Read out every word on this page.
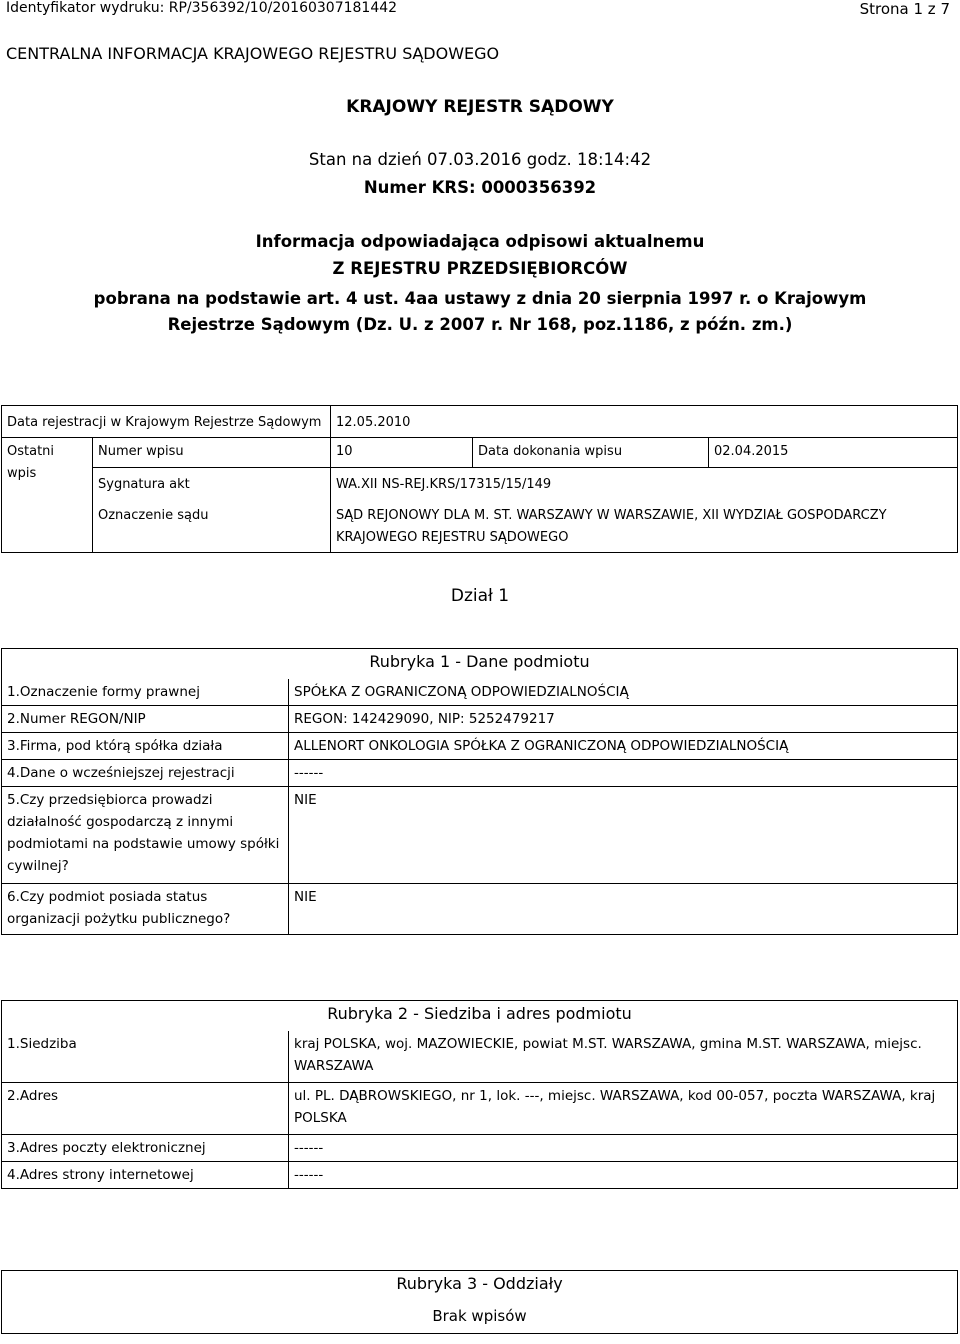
Identyfikator wydruku: RP/356392/10/20160307181442	Strona 1 z 7
CENTRALNA INFORMACJA KRAJOWEGO REJESTRU SĄDOWEGO
KRAJOWY REJESTR SĄDOWY
Stan na dzień 07.03.2016 godz. 18:14:42
Numer KRS: 0000356392
Informacja odpowiadająca odpisowi aktualnemu
Z REJESTRU PRZEDSIĘBIORCÓW
pobrana na podstawie art. 4 ust. 4aa ustawy z dnia 20 sierpnia 1997 r. o Krajowym Rejestrze Sądowym (Dz. U. z 2007 r. Nr 168, poz.1186, z późn. zm.)
Data rejestracji w Krajowym Rejestrze Sądowym		12.05.2010		
Ostatni wpis	Numer wpisu	10	Data dokonania wpisu	02.04.2015
	Sygnatura akt	WA.XII NS-REJ.KRS/17315/15/149		
	Oznaczenie sądu	SĄD REJONOWY DLA M. ST. WARSZAWY W WARSZAWIE, XII WYDZIAŁ GOSPODARCZY KRAJOWEGO REJESTRU SĄDOWEGO		
Dział 1
Rubryka 1 - Dane podmiotu	
1.Oznaczenie formy prawnej	SPÓŁKA Z OGRANICZONĄ ODPOWIEDZIALNOŚCIĄ
2.Numer REGON/NIP	REGON: 142429090, NIP: 5252479217
3.Firma, pod którą spółka działa	ALLENORT ONKOLOGIA SPÓŁKA Z OGRANICZONĄ ODPOWIEDZIALNOŚCIĄ
4.Dane o wcześniejszej rejestracji	------
5.Czy przedsiębiorca prowadzi działalność gospodarczą z innymi podmiotami na podstawie umowy spółki cywilnej?	NIE
6.Czy podmiot posiada status organizacji pożytku publicznego?	NIE
Rubryka 2 - Siedziba i adres podmiotu	
1.Siedziba	kraj POLSKA, woj. MAZOWIECKIE, powiat M.ST. WARSZAWA, gmina M.ST. WARSZAWA, miejsc. WARSZAWA
2.Adres	ul. PL. DĄBROWSKIEGO, nr 1, lok. ---, miejsc. WARSZAWA, kod 00-057, poczta WARSZAWA, kraj POLSKA
3.Adres poczty elektronicznej	------
4.Adres strony internetowej	------
Rubryka 3 - Oddziały
Brak wpisów
